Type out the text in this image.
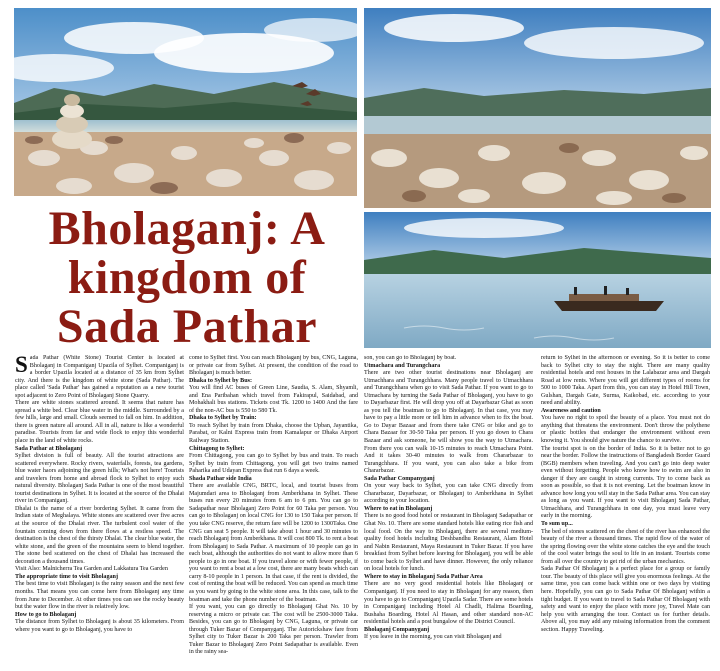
Bholaganj: A
kingdom of
Sada Pathar

Sada Pathar (White Stone) Tourist Center is located at Bholaganj in Companiganj Upazila of Sylhet. Companiganj is a border Upazila located at a distance of 35 km from Sylhet city. And there is the kingdom of white stone (Sada Pathar). The place called 'Sada Pathar' has gained a reputation as a new tourist spot adjacent to Zero Point of Bholaganj Stone Quarry.

There are white stones scattered around. It seems that nature has spread a white bed. Clear blue water in the middle. Surrounded by a few hills, large and small. Clouds seemed to fall on him. In addition, there is green nature all around. All in all, nature is like a wonderful paradise. Tourists from far and wide flock to enjoy this wonderful place in the land of white rocks.

Sada Pathar at Bholaganj

Sylhet division is full of beauty. All the tourist attractions are scattered everywhere. Rocky rivers, waterfalls, forests, tea gardens, blue water haors adjoining the green hills; What's not here! Tourists and travelers from home and abroad flock to Sylhet to enjoy such natural diversity. Bholaganj Sada Pathar is one of the most beautiful tourist destinations in Sylhet. It is located at the source of the Dhalai river in Companiganj.

Dhalai is the name of a river bordering Sylhet. It came from the Indian state of Meghalaya. White stones are scattered over five acres at the source of the Dhalai river. The turbulent cool water of the fountain coming down from there flows at a restless speed. The destination is the chest of the thirsty Dhalai. The clear blue water, the white stone, and the green of the mountains seem to blend together. The stone bed scattered on the chest of Dhalai has increased the decoration a thousand times.

Visit Also: Malnicherra Tea Garden and Lakkatura Tea Garden

The appropriate time to visit Bholaganj

The best time to visit Bholaganj is the rainy season and the next few months. That means you can come here from Bholaganj any time from June to December. At other times you can see the rocky beauty but the water flow in the river is relatively low.

How to go to Bholaganj

The distance from Sylhet to Bholaganj is about 35 kilometers. From where you want to go to Bholaganj, you have to

come to Sylhet first. You can reach Bholaganj by bus, CNG, Laguna, or private car from Sylhet. At present, the condition of the road to Bholaganj is much better.

Dhaka to Sylhet by Bus:

You will find AC buses of Green Line, Saudia, S. Alam, Shyamli, and Ena Paribahan which travel from Fakirapul, Saidabad, and Mohakhali bus stations. Tickets cost Tk. 1200 to 1400 And the fare of the non-AC bus is 550 to 580 Tk.

Dhaka to Sylhet by Train:

To reach Sylhet by train from Dhaka, choose the Upban, Jayantika, Parabat, or Kalni Express train from Kamalapur or Dhaka Airport Railway Station.

Chittagong to Sylhet:

From Chittagong, you can go to Sylhet by bus and train. To reach Sylhet by train from Chittagong, you will get two trains named Paharika and Udayan Express that run 6 days a week.

Shada Pathar side India

There are available CNG, BRTC, local, and tourist buses from Majumdari area to Bholaganj from Amberkhana in Sylhet. These buses run every 20 minutes from 6 am to 6 pm. You can go to Sadapathar near Bholaganj Zero Point for 60 Taka per person. You can go to Bholaganj on local CNG for 130 to 150 Taka per person. If you take CNG reserve, the return fare will be 1200 to 1300Taka. One CNG can seat 5 people. It will take about 1 hour and 30 minutes to reach Bholaganj from Amberkhana. It will cost 800 Tk. to rent a boat from Bholaganj to Sada Pathar. A maximum of 10 people can go in each boat, although the authorities do not want to allow more than 6 people to go in one boat. If you travel alone or with fewer people, if you want to rent a boat at a low cost, there are many boats which can carry 8-10 people in 1 person. In that case, if the rent is divided, the cost of renting the boat will be reduced. You can spend as much time as you want by going to the white stone area. In this case, talk to the boatman and take the phone number of the boatman.

If you want, you can go directly to Bholaganj Ghat No. 10 by reserving a micro or private car. The cost will be 2500-3000 Taka. Besides, you can go to Bholaganj by CNG, Laguna, or private car through Tuker Bazar of Companyganj. The Autorickshaw fare from Sylhet city to Tuker Bazar is 200 Taka per person. Trawler from Tuker Bazar to Bholaganj Zero Point Sadapathar is available. Even in the rainy sea-

son, you can go to Bholaganj by boat.

Utmachara and Turangchara

There are two other tourist destinations near Bholaganj are Utmachhara and Turangchhara. Many people travel to Utmachhara and Turangchhara when go to visit Sada Pathar. If you want to go to Utmachara by turning the Sada Pathar of Bholaganj, you have to go to Dayarbazar first. He will drop you off at Dayarbazar Ghat as soon as you tell the boatman to go to Bholaganj. In that case, you may have to pay a little more or tell him in advance when to fix the boat. Go to Dayar Bazaar and from there take CNG or bike and go to Chara Bazaar for 30-50 Taka per person. If you go down to Chara Bazaar and ask someone, he will show you the way to Utmachara. From there you can walk 10-15 minutes to reach Utmachara Point. And it takes 30-40 minutes to walk from Chararbazar to Turangchhara. If you want, you can also take a bike from Chararbazar.

Sada Pathar Companyganj

On your way back to Sylhet, you can take CNG directly from Chararbazar, Dayarbazar, or Bholaganj to Amberkhana in Sylhet according to your location.

Where to eat in Bholaganj

There is no good food hotel or restaurant in Bholaganj Sadapathar or Ghat No. 10. There are some standard hotels like eating rice fish and local food. On the way to Bholaganj, there are several medium-quality food hotels including Deshbandhu Restaurant, Alam Hotel and Nabin Restaurant, Maya Restaurant in Tuker Bazar. If you have breakfast from Sylhet before leaving for Bholaganj, you will be able to come back to Sylhet and have dinner. However, the only reliance on local hotels for lunch.

Where to stay in Bholaganj Sada Pathar Area

There are no very good residential hotels like Bholaganj or Companiganj. If you need to stay in Bholaganj for any reason, then you have to go to Companiganj Upazila Sadar. There are some hotels in Companiganj including Hotel Al Chadli, Halima Boarding, Bushaha Boarding, Hotel Al Hasan, and other standard non-AC residential hotels and a post bungalow of the District Council.

Bholaganj Companyganj

If you leave in the morning, you can visit Bholaganj and

return to Sylhet in the afternoon or evening. So it is better to come back to Sylhet city to stay the night. There are many quality residential hotels and rest houses in the Lalabazar area and Dargah Road at low rents. Where you will get different types of rooms for 500 to 1000 Taka. Apart from this, you can stay in Hotel Hill Town, Gulshan, Dargah Gate, Surma, Kaikobad, etc. according to your need and ability.

Awareness and caution

You have no right to spoil the beauty of a place. You must not do anything that threatens the environment. Don't throw the polythene or plastic bottles that endanger the environment without even knowing it. You should give nature the chance to survive.

The tourist spot is on the border of India. So it is better not to go near the border. Follow the instructions of Bangladesh Border Guard (BGB) members when traveling. And you can't go into deep water even without forgetting. People who know how to swim are also in danger if they are caught in strong currents. Try to come back as soon as possible, so that it is not evening. Let the boatman know in advance how long you will stay in the Sada Pathar area. You can stay as long as you want. If you want to visit Bholaganj Sada Pathar, Utmachhara, and Turangchhara in one day, you must leave very early in the morning.

To sum up...

The bed of stones scattered on the chest of the river has enhanced the beauty of the river a thousand times. The rapid flow of the water of the spring flowing over the white stone catches the eye and the touch of the cool water brings the soul to life in an instant. Tourists come from all over the country to get rid of the urban mechanics.

Sada Pathar Of Bholaganj is a perfect place for a group or family tour. The beauty of this place will give you enormous feelings. At the same time, you can come back within one or two days by visiting here. Hopefully, you can go to Sada Pathar Of Bholaganj within a tight budget. If you want to travel to Sada Pathar Of Bholaganj with safety and want to enjoy the place with more joy, Travel Mate can help you with arranging the tour. Contact us for further details. Above all, you may add any missing information from the comment section. Happy Traveling.
